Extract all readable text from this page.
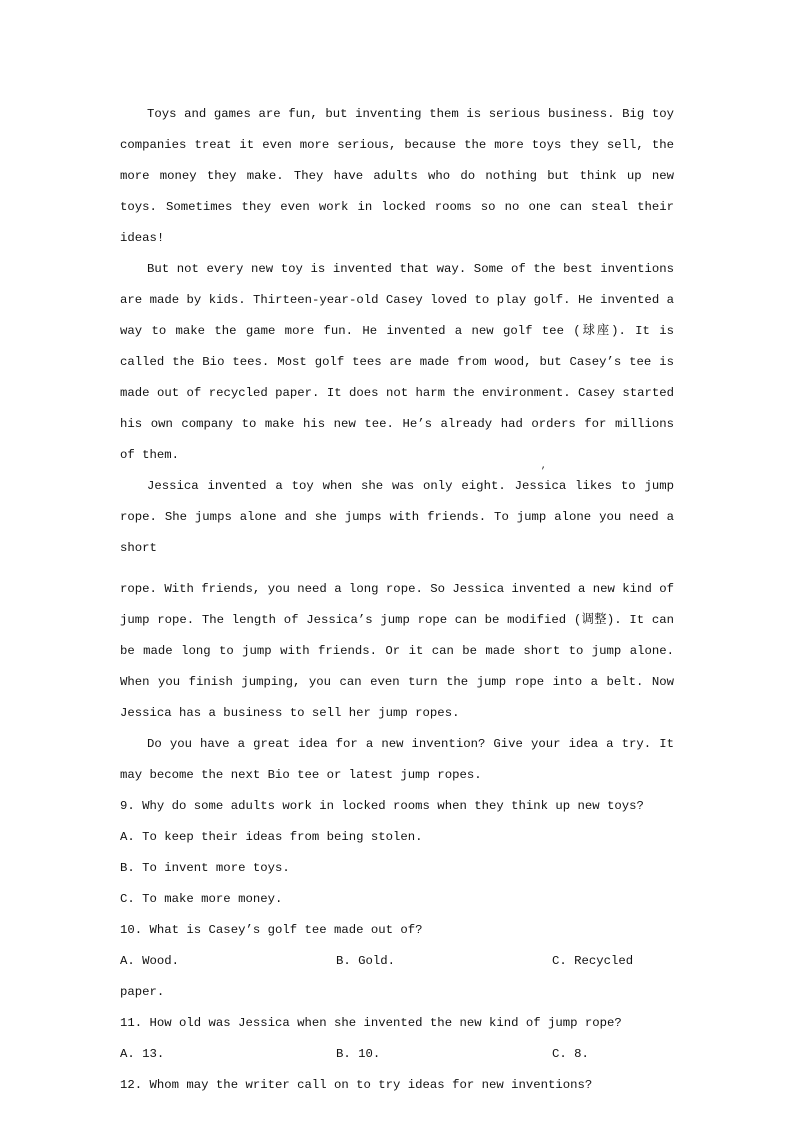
Toys and games are fun, but inventing them is serious business. Big toy companies treat it even more serious, because the more toys they sell, the more money they make. They have adults who do nothing but think up new toys. Sometimes they even work in locked rooms so no one can steal their ideas!

But not every new toy is invented that way. Some of the best inventions are made by kids. Thirteen-year-old Casey loved to play golf. He invented a way to make the game more fun. He invented a new golf tee (球座). It is called the Bio tees. Most golf tees are made from wood, but Casey’s tee is made out of recycled paper. It does not harm the environment. Casey started his own company to make his new tee. He’s already had orders for millions of them.

Jessica invented a toy when she was only eight. Jessica likes to jump rope. She jumps alone and she jumps with friends. To jump alone you need a short

rope. With friends, you need a long rope. So Jessica invented a new kind of jump rope. The length of Jessica’s jump rope can be modified (调整). It can be made long to jump with friends. Or it can be made short to jump alone. When you finish jumping, you can even turn the jump rope into a belt. Now Jessica has a business to sell her jump ropes.

Do you have a great idea for a new invention? Give your idea a try. It may become the next Bio tee or latest jump ropes.

9. Why do some adults work in locked rooms when they think up new toys?

A. To keep their ideas from being stolen.

B. To invent more toys.

C. To make more money.

10. What is Casey’s golf tee made out of?

A. Wood.	B. Gold.	C. Recycled

paper.

11. How old was Jessica when she invented the new kind of jump rope?

A. 13.	B. 10.	C. 8.

12. Whom may the writer call on to try ideas for new inventions?

,
